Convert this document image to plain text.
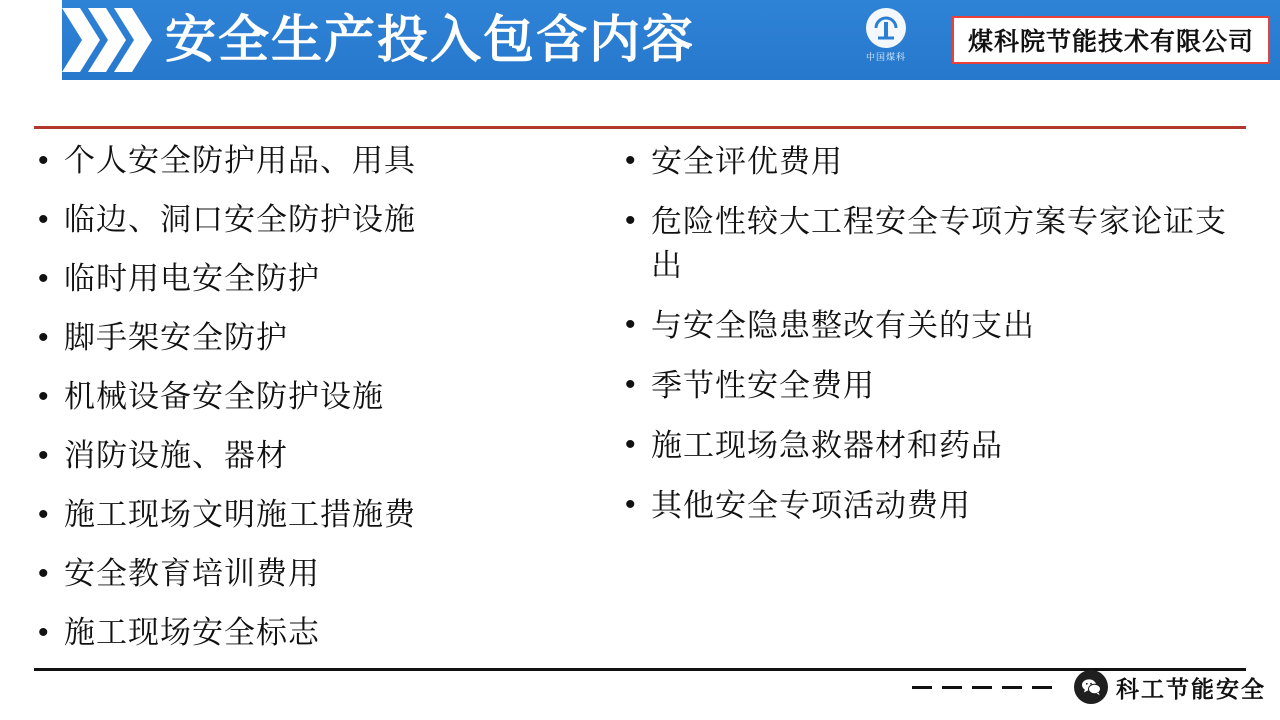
安全生产投入包含内容	中国煤科
煤科院节能技术有限公司
• 个人安全防护用品、用具
• 临边、洞口安全防护设施
• 临时用电安全防护
• 脚手架安全防护
• 机械设备安全防护设施
• 消防设施、器材
• 施工现场文明施工措施费
• 安全教育培训费用
• 施工现场安全标志
• 安全评优费用
• 危险性较大工程安全专项方案专家论证支出
• 与安全隐患整改有关的支出
• 季节性安全费用
• 施工现场急救器材和药品
• 其他安全专项活动费用
科工节能安全
